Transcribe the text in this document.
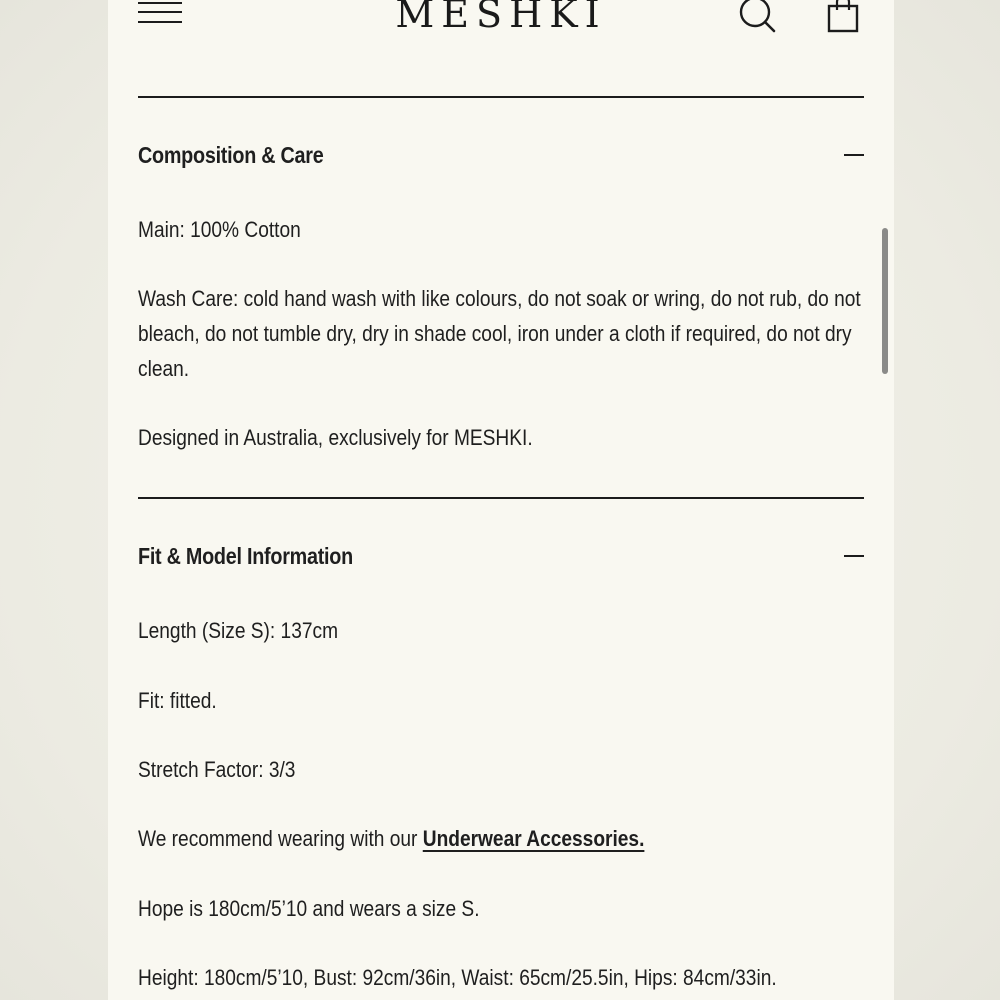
MESHKI
Composition & Care

Main: 100% Cotton

Wash Care: cold hand wash with like colours, do not soak or wring, do not rub, do not bleach, do not tumble dry, dry in shade cool, iron under a cloth if required, do not dry clean.

Designed in Australia, exclusively for MESHKI.

Fit & Model Information

Length (Size S): 137cm

Fit: fitted.

Stretch Factor: 3/3

We recommend wearing with our Underwear Accessories.

Hope is 180cm/5’10 and wears a size S.

Height: 180cm/5’10, Bust: 92cm/36in, Waist: 65cm/25.5in, Hips: 84cm/33in.
